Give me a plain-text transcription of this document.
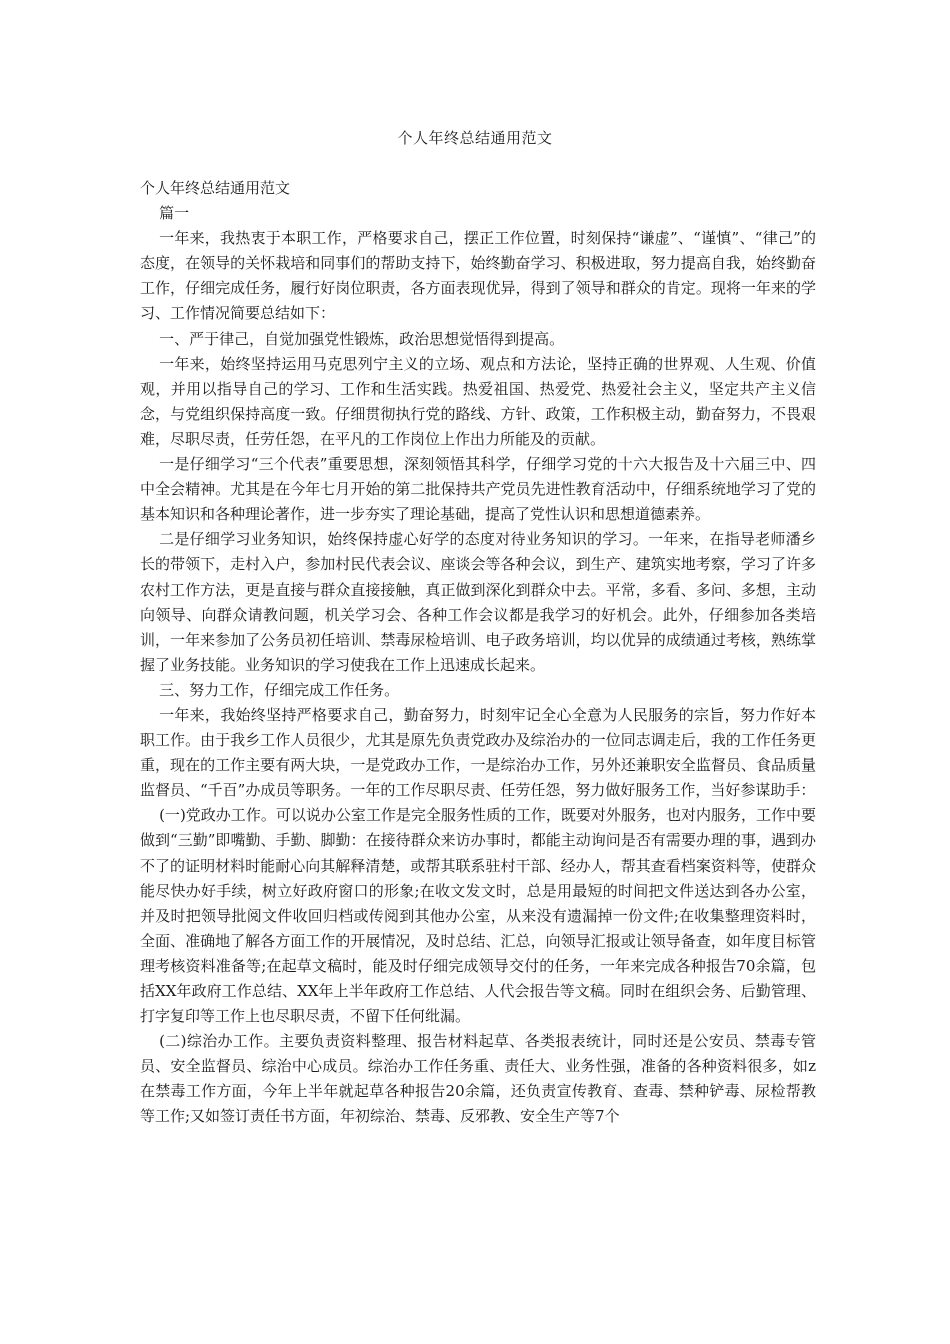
个人年终总结通用范文

个人年终总结通用范文

篇一

一年来，我热衷于本职工作，严格要求自己，摆正工作位置，时刻保持“谦虚”、“谨慎”、“律己”的态度，在领导的关怀栽培和同事们的帮助支持下，始终勤奋学习、积极进取，努力提高自我，始终勤奋工作，仔细完成任务，履行好岗位职责，各方面表现优异，得到了领导和群众的肯定。现将一年来的学习、工作情况简要总结如下：

一、严于律己，自觉加强党性锻炼，政治思想觉悟得到提高。

一年来，始终坚持运用马克思列宁主义的立场、观点和方法论，坚持正确的世界观、人生观、价值观，并用以指导自己的学习、工作和生活实践。热爱祖国、热爱党、热爱社会主义，坚定共产主义信念，与党组织保持高度一致。仔细贯彻执行党的路线、方针、政策，工作积极主动，勤奋努力，不畏艰难，尽职尽责，任劳任怨，在平凡的工作岗位上作出力所能及的贡献。

一是仔细学习“三个代表”重要思想，深刻领悟其科学，仔细学习党的十六大报告及十六届三中、四中全会精神。尤其是在今年七月开始的第二批保持共产党员先进性教育活动中，仔细系统地学习了党的基本知识和各种理论著作，进一步夯实了理论基础，提高了党性认识和思想道德素养。

二是仔细学习业务知识，始终保持虚心好学的态度对待业务知识的学习。一年来，在指导老师潘乡长的带领下，走村入户，参加村民代表会议、座谈会等各种会议，到生产、建筑实地考察，学习了许多农村工作方法，更是直接与群众直接接触，真正做到深化到群众中去。平常，多看、多问、多想，主动向领导、向群众请教问题，机关学习会、各种工作会议都是我学习的好机会。此外，仔细参加各类培训，一年来参加了公务员初任培训、禁毒尿检培训、电子政务培训，均以优异的成绩通过考核，熟练掌握了业务技能。业务知识的学习使我在工作上迅速成长起来。

三、努力工作，仔细完成工作任务。

一年来，我始终坚持严格要求自己，勤奋努力，时刻牢记全心全意为人民服务的宗旨，努力作好本职工作。由于我乡工作人员很少，尤其是原先负责党政办及综治办的一位同志调走后，我的工作任务更重，现在的工作主要有两大块，一是党政办工作，一是综治办工作，另外还兼职安全监督员、食品质量监督员、“千百”办成员等职务。一年的工作尽职尽责、任劳任怨，努力做好服务工作，当好参谋助手：

(一)党政办工作。可以说办公室工作是完全服务性质的工作，既要对外服务，也对内服务，工作中要做到“三勤”即嘴勤、手勤、脚勤：在接待群众来访办事时，都能主动询问是否有需要办理的事，遇到办不了的证明材料时能耐心向其解释清楚，或帮其联系驻村干部、经办人，帮其查看档案资料等，使群众能尽快办好手续，树立好政府窗口的形象;在收文发文时，总是用最短的时间把文件送达到各办公室，并及时把领导批阅文件收回归档或传阅到其他办公室，从来没有遗漏掉一份文件;在收集整理资料时，全面、准确地了解各方面工作的开展情况，及时总结、汇总，向领导汇报或让领导备查，如年度目标管理考核资料准备等;在起草文稿时，能及时仔细完成领导交付的任务，一年来完成各种报告70余篇，包括XX年政府工作总结、XX年上半年政府工作总结、人代会报告等文稿。同时在组织会务、后勤管理、打字复印等工作上也尽职尽责，不留下任何纰漏。

(二)综治办工作。主要负责资料整理、报告材料起草、各类报表统计，同时还是公安员、禁毒专管员、安全监督员、综治中心成员。综治办工作任务重、责任大、业务性强，准备的各种资料很多，如z在禁毒工作方面，今年上半年就起草各种报告20余篇，还负责宣传教育、查毒、禁种铲毒、尿检帮教等工作;又如签订责任书方面，年初综治、禁毒、反邪教、安全生产等7个
